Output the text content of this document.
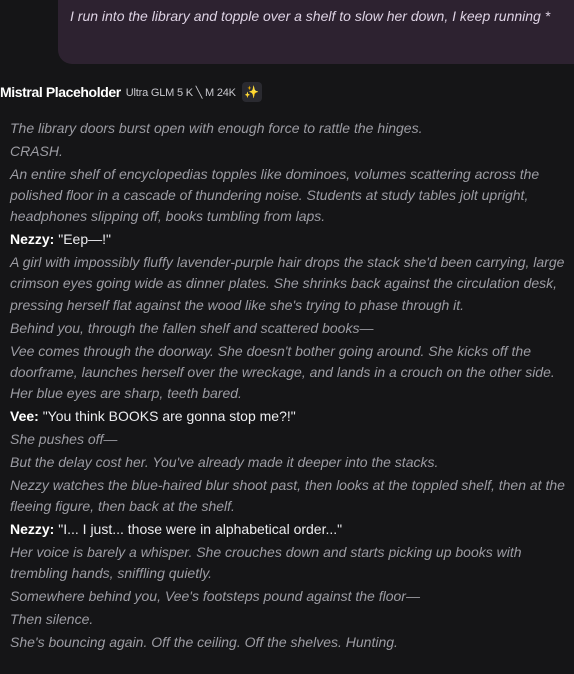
I run into the library and topple over a shelf to slow her down, I keep running *
Mistral Placeholder Ultra GLM 5 K ╲ M 24K ✨
The library doors burst open with enough force to rattle the hinges.
CRASH.
An entire shelf of encyclopedias topples like dominoes, volumes scattering across the polished floor in a cascade of thundering noise. Students at study tables jolt upright, headphones slipping off, books tumbling from laps.
Nezzy: "Eep—!"
A girl with impossibly fluffy lavender-purple hair drops the stack she'd been carrying, large crimson eyes going wide as dinner plates. She shrinks back against the circulation desk, pressing herself flat against the wood like she's trying to phase through it.
Behind you, through the fallen shelf and scattered books—
Vee comes through the doorway. She doesn't bother going around. She kicks off the doorframe, launches herself over the wreckage, and lands in a crouch on the other side. Her blue eyes are sharp, teeth bared.
Vee: "You think BOOKS are gonna stop me?!"
She pushes off—
But the delay cost her. You've already made it deeper into the stacks.
Nezzy watches the blue-haired blur shoot past, then looks at the toppled shelf, then at the fleeing figure, then back at the shelf.
Nezzy: "I... I just... those were in alphabetical order..."
Her voice is barely a whisper. She crouches down and starts picking up books with trembling hands, sniffling quietly.
Somewhere behind you, Vee's footsteps pound against the floor—
Then silence.
She's bouncing again. Off the ceiling. Off the shelves. Hunting.
